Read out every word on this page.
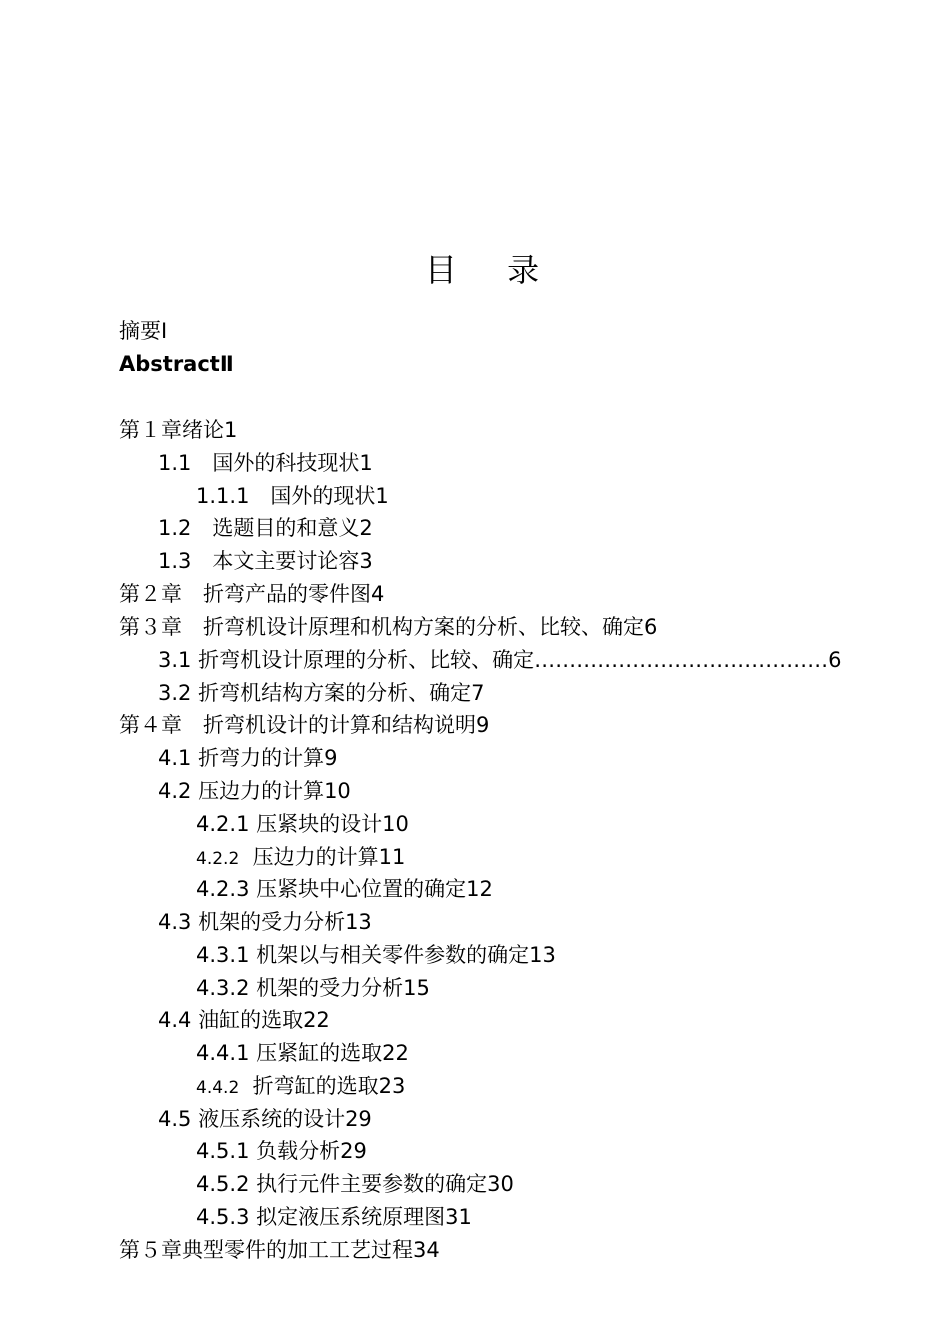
目 录
摘要Ⅰ
AbstractⅡ
第１章绪论1
1.1　国外的科技现状1
1.1.1　国外的现状1
1.2　选题目的和意义2
1.3　本文主要讨论容3
第２章　折弯产品的零件图4
第３章　折弯机设计原理和机构方案的分析、比较、确定6
3.1 折弯机设计原理的分析、比较、确定……………………………………6
3.2 折弯机结构方案的分析、确定7
第４章　折弯机设计的计算和结构说明9
4.1 折弯力的计算9
4.2 压边力的计算10
4.2.1 压紧块的设计10
4.2.2  压边力的计算11
4.2.3 压紧块中心位置的确定12
4.3 机架的受力分析13
4.3.1 机架以与相关零件参数的确定13
4.3.2 机架的受力分析15
4.4 油缸的选取22
4.4.1 压紧缸的选取22
4.4.2  折弯缸的选取23
4.5 液压系统的设计29
4.5.1 负载分析29
4.5.2 执行元件主要参数的确定30
4.5.3 拟定液压系统原理图31
第５章典型零件的加工工艺过程34
